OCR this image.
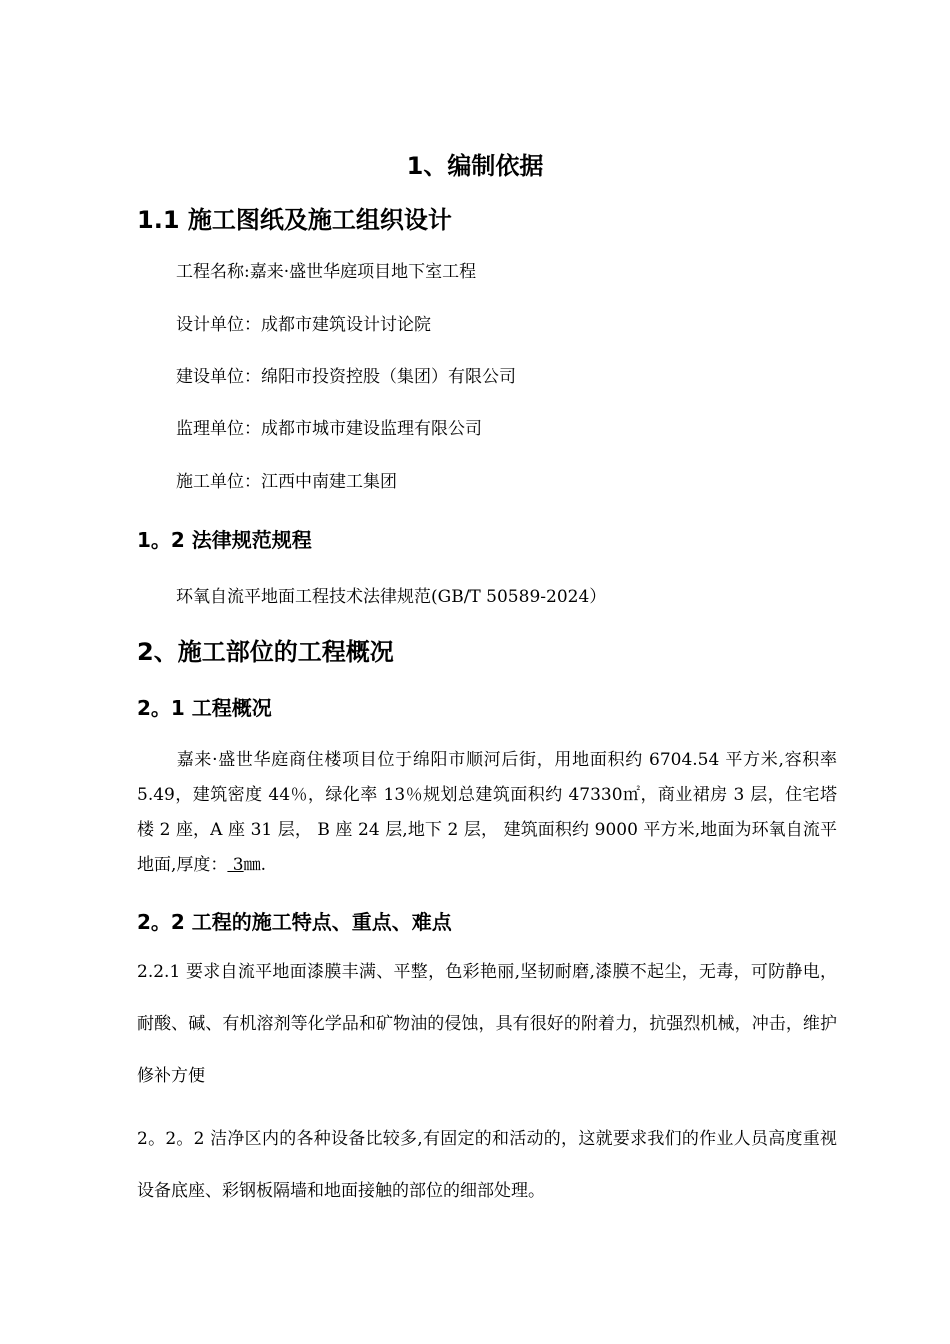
1、编制依据
1.1 施工图纸及施工组织设计
工程名称:嘉来·盛世华庭项目地下室工程
设计单位：成都市建筑设计讨论院
建设单位：绵阳市投资控股（集团）有限公司
监理单位：成都市城市建设监理有限公司
施工单位：江西中南建工集团
1。2 法律规范规程
环氧自流平地面工程技术法律规范(GB/T 50589-2024）
2、施工部位的工程概况
2。1 工程概况
嘉来·盛世华庭商住楼项目位于绵阳市顺河后街，用地面积约 6704.54 平方米,容积率 5.49，建筑密度 44％，绿化率 13％规划总建筑面积约 47330㎡，商业裙房 3 层，住宅塔楼 2 座，A 座 31 层， B 座 24 层,地下 2 层， 建筑面积约 9000 平方米,地面为环氧自流平地面,厚度： 3㎜.
2。2 工程的施工特点、重点、难点
2.2.1 要求自流平地面漆膜丰满、平整，色彩艳丽,坚韧耐磨,漆膜不起尘，无毒，可防静电，耐酸、碱、有机溶剂等化学品和矿物油的侵蚀，具有很好的附着力，抗强烈机械，冲击，维护修补方便
2。2。2 洁净区内的各种设备比较多,有固定的和活动的，这就要求我们的作业人员高度重视设备底座、彩钢板隔墙和地面接触的部位的细部处理。
